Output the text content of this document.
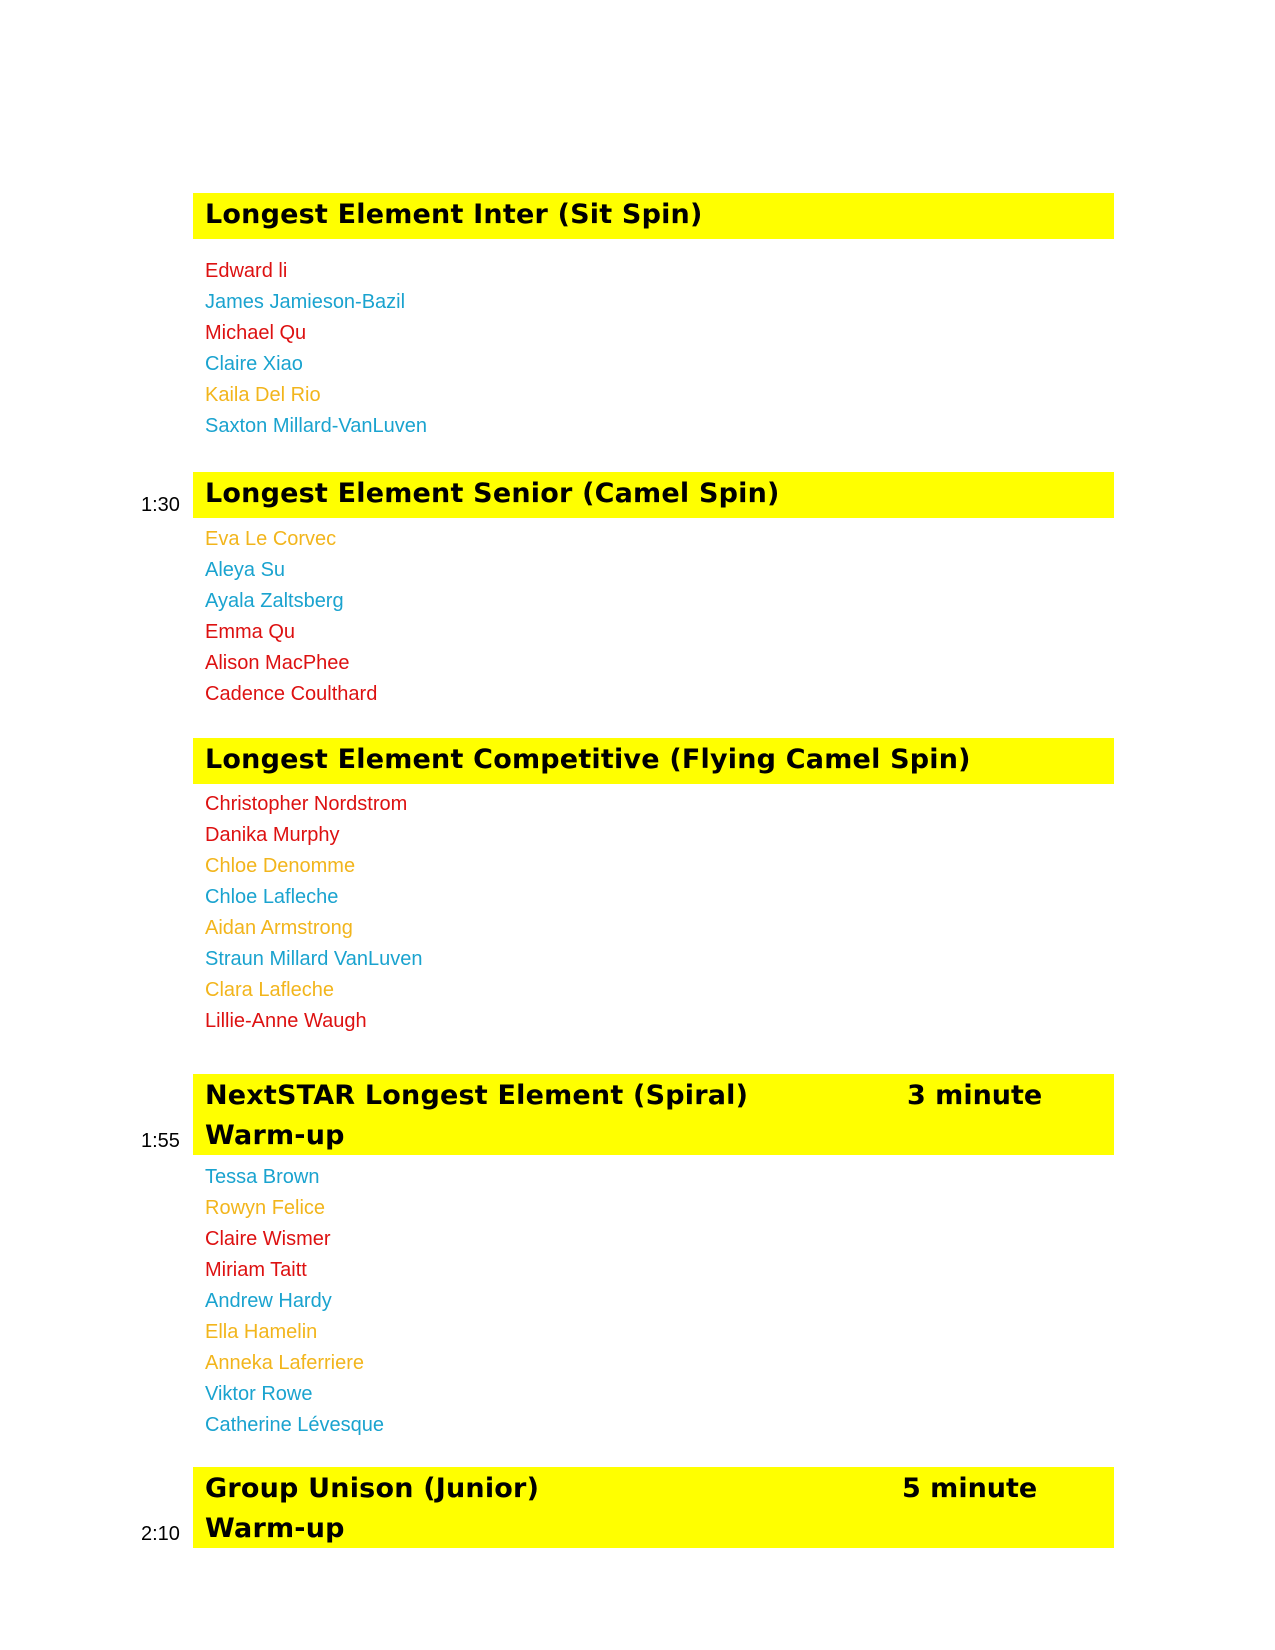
Longest Element Inter (Sit Spin)
Edward li
James Jamieson-Bazil
Michael Qu
Claire Xiao
Kaila Del Rio
Saxton Millard-VanLuven
1:30 Longest Element Senior (Camel Spin)
Eva Le Corvec
Aleya Su
Ayala Zaltsberg
Emma Qu
Alison MacPhee
Cadence Coulthard
Longest Element Competitive (Flying Camel Spin)
Christopher Nordstrom
Danika Murphy
Chloe Denomme
Chloe Lafleche
Aidan Armstrong
Straun Millard VanLuven
Clara Lafleche
Lillie-Anne Waugh
1:55
NextSTAR Longest Element (Spiral)	3 minute
Warm-up
Tessa Brown
Rowyn Felice
Claire Wismer
Miriam Taitt
Andrew Hardy
Ella Hamelin
Anneka Laferriere
Viktor Rowe
Catherine Lévesque
2:10
Group Unison (Junior)	5 minute
Warm-up
